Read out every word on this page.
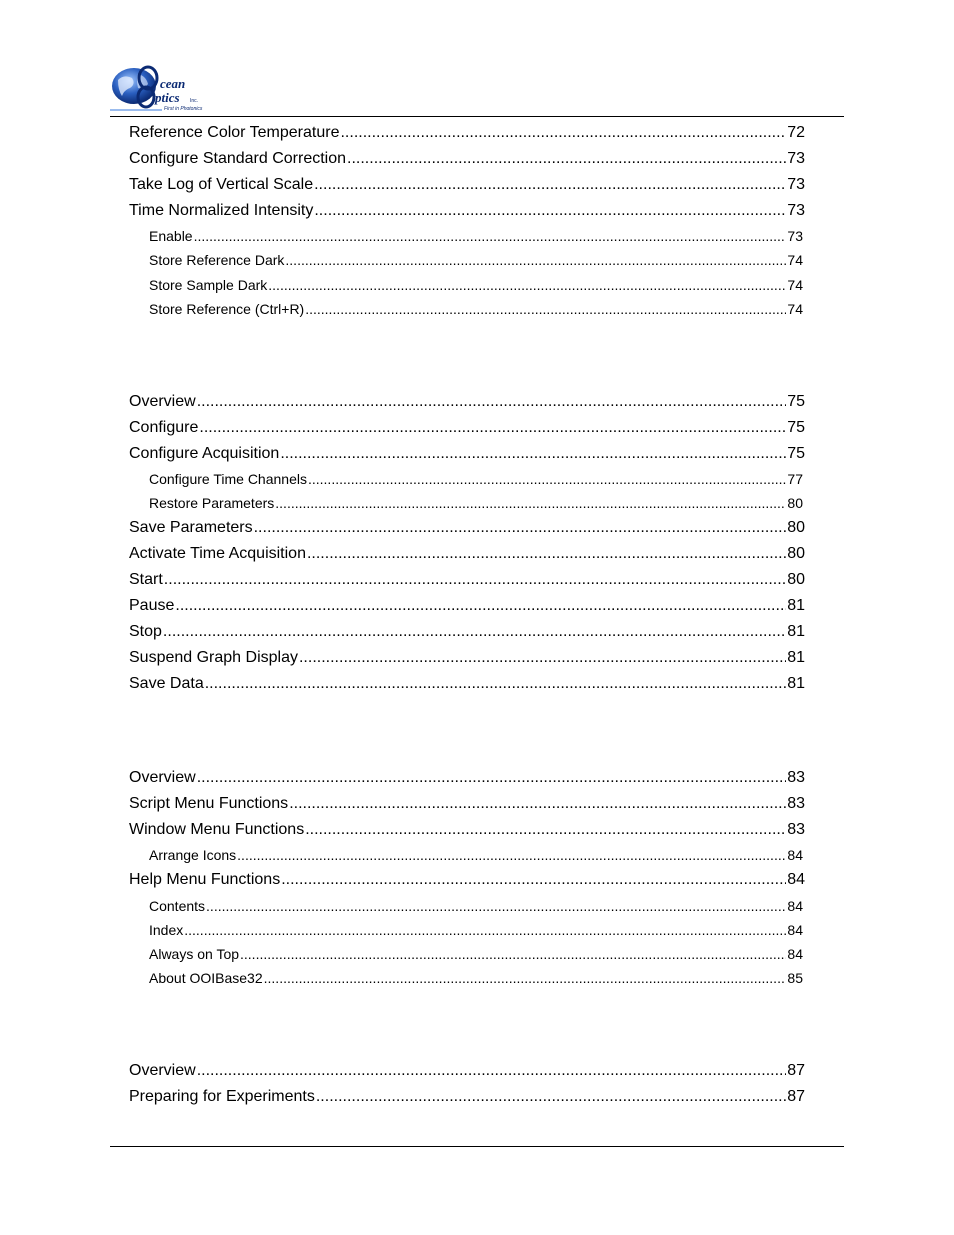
cean
ptics Inc.
First in Photonics
Reference Color Temperature .....	72
Configure Standard Correction .....	73
Take Log of Vertical Scale .....	73
Time Normalized Intensity .....	73
Enable .....	73
Store Reference Dark .....	74
Store Sample Dark .....	74
Store Reference (Ctrl+R) .....	74
Overview .....	75
Configure .....	75
Configure Acquisition .....	75
Configure Time Channels .....	77
Restore Parameters .....	80
Save Parameters .....	80
Activate Time Acquisition .....	80
Start .....	80
Pause .....	81
Stop .....	81
Suspend Graph Display .....	81
Save Data .....	81
Overview .....	83
Script Menu Functions .....	83
Window Menu Functions .....	83
Arrange Icons .....	84
Help Menu Functions .....	84
Contents .....	84
Index .....	84
Always on Top .....	84
About OOIBase32 .....	85
Overview .....	87
Preparing for Experiments .....	87
